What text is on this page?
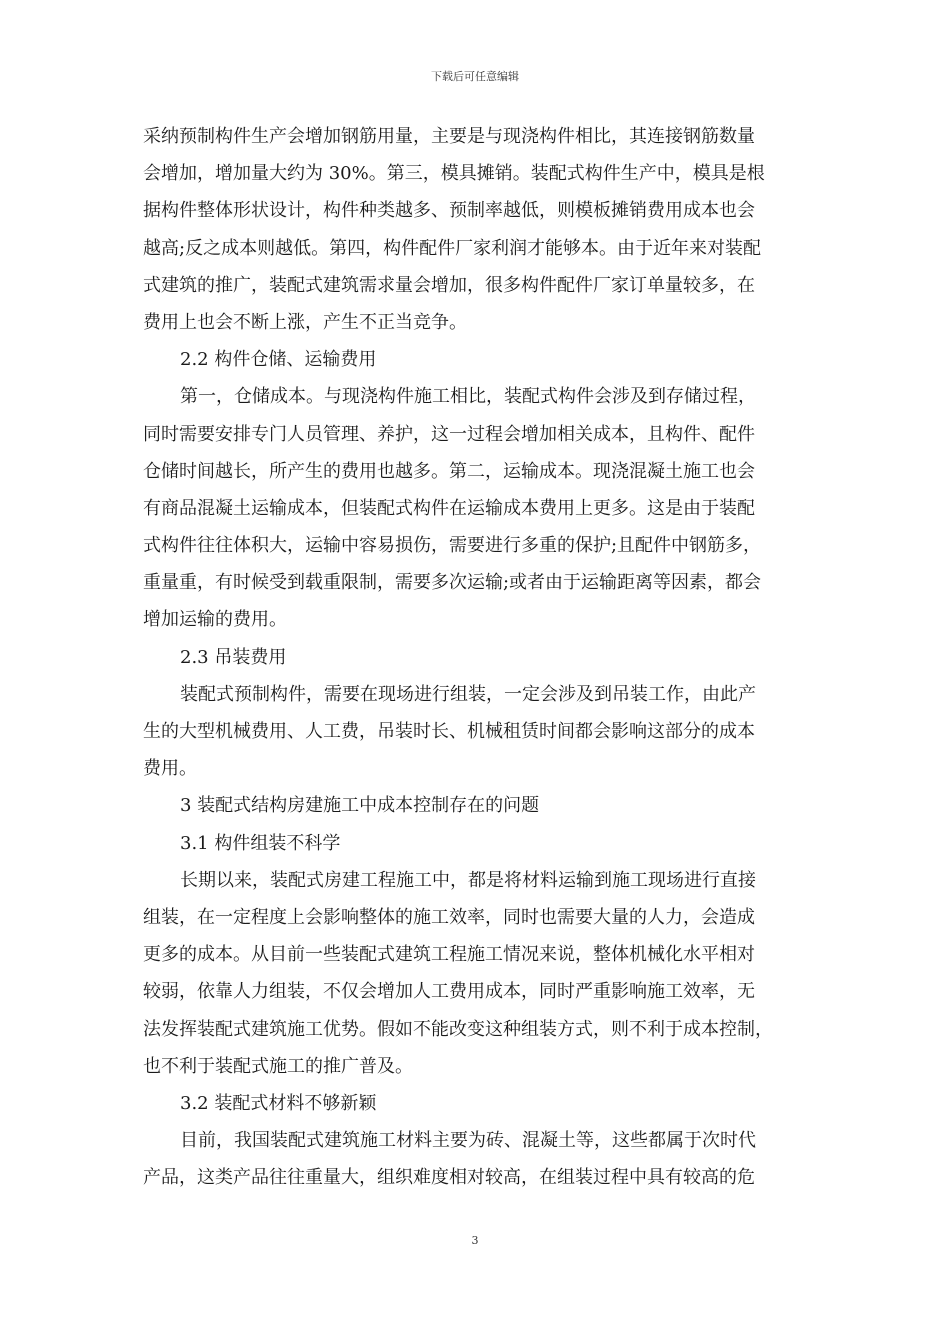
下载后可任意编辑
采纳预制构件生产会增加钢筋用量，主要是与现浇构件相比，其连接钢筋数量
会增加，增加量大约为 30%。第三，模具摊销。装配式构件生产中，模具是根
据构件整体形状设计，构件种类越多、预制率越低，则模板摊销费用成本也会
越高;反之成本则越低。第四，构件配件厂家利润才能够本。由于近年来对装配
式建筑的推广，装配式建筑需求量会增加，很多构件配件厂家订单量较多，在
费用上也会不断上涨，产生不正当竞争。
2.2 构件仓储、运输费用
第一，仓储成本。与现浇构件施工相比，装配式构件会涉及到存储过程，
同时需要安排专门人员管理、养护，这一过程会增加相关成本，且构件、配件
仓储时间越长，所产生的费用也越多。第二，运输成本。现浇混凝土施工也会
有商品混凝土运输成本，但装配式构件在运输成本费用上更多。这是由于装配
式构件往往体积大，运输中容易损伤，需要进行多重的保护;且配件中钢筋多，
重量重，有时候受到载重限制，需要多次运输;或者由于运输距离等因素，都会
增加运输的费用。
2.3 吊装费用
装配式预制构件，需要在现场进行组装，一定会涉及到吊装工作，由此产
生的大型机械费用、人工费，吊装时长、机械租赁时间都会影响这部分的成本
费用。
3 装配式结构房建施工中成本控制存在的问题
3.1 构件组装不科学
长期以来，装配式房建工程施工中，都是将材料运输到施工现场进行直接
组装，在一定程度上会影响整体的施工效率，同时也需要大量的人力，会造成
更多的成本。从目前一些装配式建筑工程施工情况来说，整体机械化水平相对
较弱，依靠人力组装，不仅会增加人工费用成本，同时严重影响施工效率，无
法发挥装配式建筑施工优势。假如不能改变这种组装方式，则不利于成本控制，
也不利于装配式施工的推广普及。
3.2 装配式材料不够新颖
目前，我国装配式建筑施工材料主要为砖、混凝土等，这些都属于次时代
产品，这类产品往往重量大，组织难度相对较高，在组装过程中具有较高的危
3
